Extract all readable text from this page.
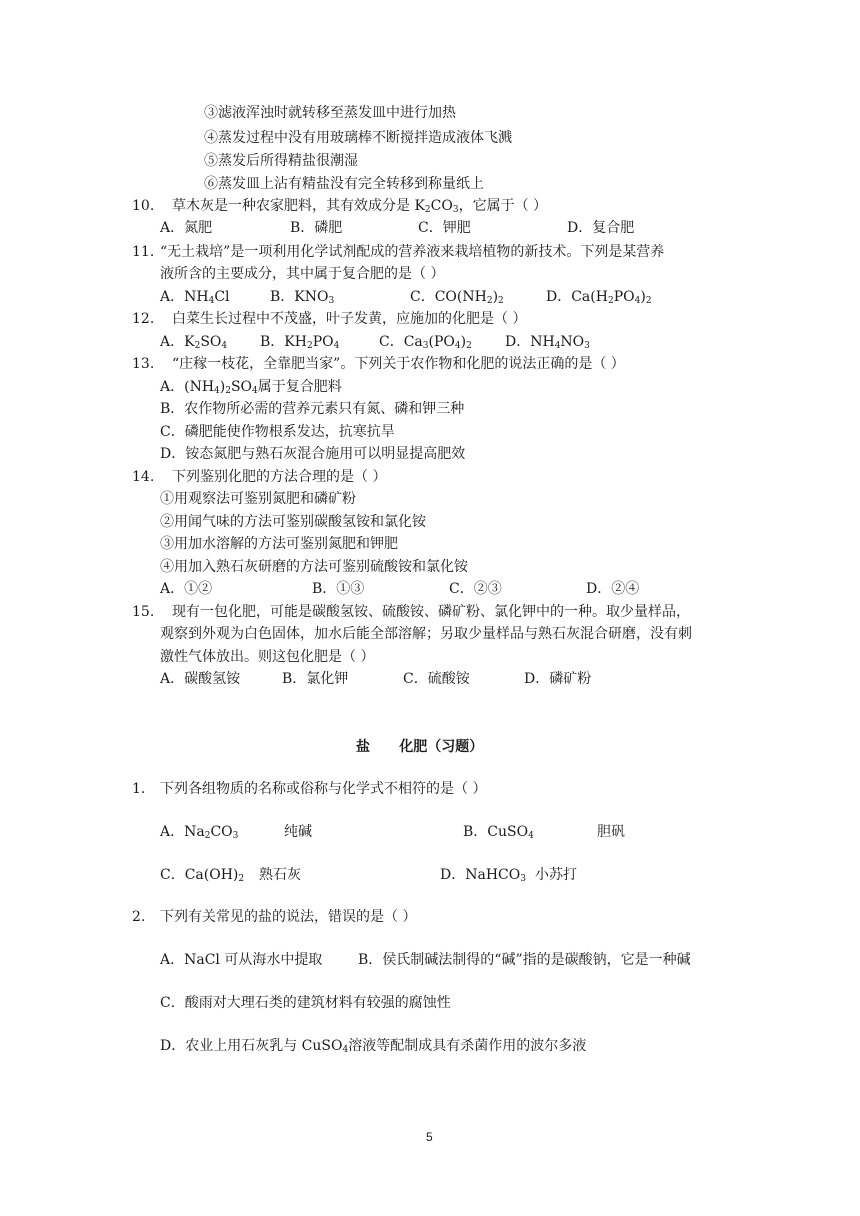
③滤液浑浊时就转移至蒸发皿中进行加热
④蒸发过程中没有用玻璃棒不断搅拌造成液体飞溅
⑤蒸发后所得精盐很潮湿
⑥蒸发皿上沾有精盐没有完全转移到称量纸上
10. 草木灰是一种农家肥料，其有效成分是 $K_2CO_3$，它属于（ ）
A．氮肥	B．磷肥	C．钾肥	D．复合肥
11. “无土栽培”是一项利用化学试剂配成的营养液来栽培植物的新技术。下列是某营养
液所含的主要成分，其中属于复合肥的是（ ）
A．$NH_4Cl$	B．$KNO_3$	C．$CO(NH_2)_2$	D．$Ca(H_2PO_4)_2$
12. 白菜生长过程中不茂盛，叶子发黄，应施加的化肥是（ ）
A．$K_2SO_4$ B．$KH_2PO_4$	C．$Ca_3(PO_4)_2$ D．$NH_4NO_3$
13. “庄稼一枝花，全靠肥当家”。下列关于农作物和化肥的说法正确的是（ ）
A．$(NH_4)_2SO_4$属于复合肥料
B．农作物所必需的营养元素只有氮、磷和钾三种
C．磷肥能使作物根系发达，抗寒抗旱
D．铵态氮肥与熟石灰混合施用可以明显提高肥效
14. 下列鉴别化肥的方法合理的是（ ）
①用观察法可鉴别氮肥和磷矿粉
②用闻气味的方法可鉴别碳酸氢铵和氯化铵
③用加水溶解的方法可鉴别氮肥和钾肥
④用加入熟石灰研磨的方法可鉴别硫酸铵和氯化铵
A．①②	B．①③	C．②③	D．②④
15. 现有一包化肥，可能是碳酸氢铵、硫酸铵、磷矿粉、氯化钾中的一种。取少量样品，
观察到外观为白色固体，加水后能全部溶解；另取少量样品与熟石灰混合研磨，没有刺
激性气体放出。则这包化肥是（ ）
A．碳酸氢铵	B．氯化钾	C．硫酸铵	D．磷矿粉
盐      化肥（习题）
1. 下列各组物质的名称或俗称与化学式不相符的是（ ）
A．$Na_2CO_3$	纯碱	B．CuSO$_4$	胆矾
C．$Ca(OH)_2$ 熟石灰	D．NaHCO$_3$ 小苏打
2. 下列有关常见的盐的说法，错误的是（ ）
A．NaCl 可从海水中提取	B．侯氏制碱法制得的“碱”指的是碳酸钠，它是一种碱
C．酸雨对大理石类的建筑材料有较强的腐蚀性
D．农业上用石灰乳与 CuSO$_4$溶液等配制成具有杀菌作用的波尔多液
5
